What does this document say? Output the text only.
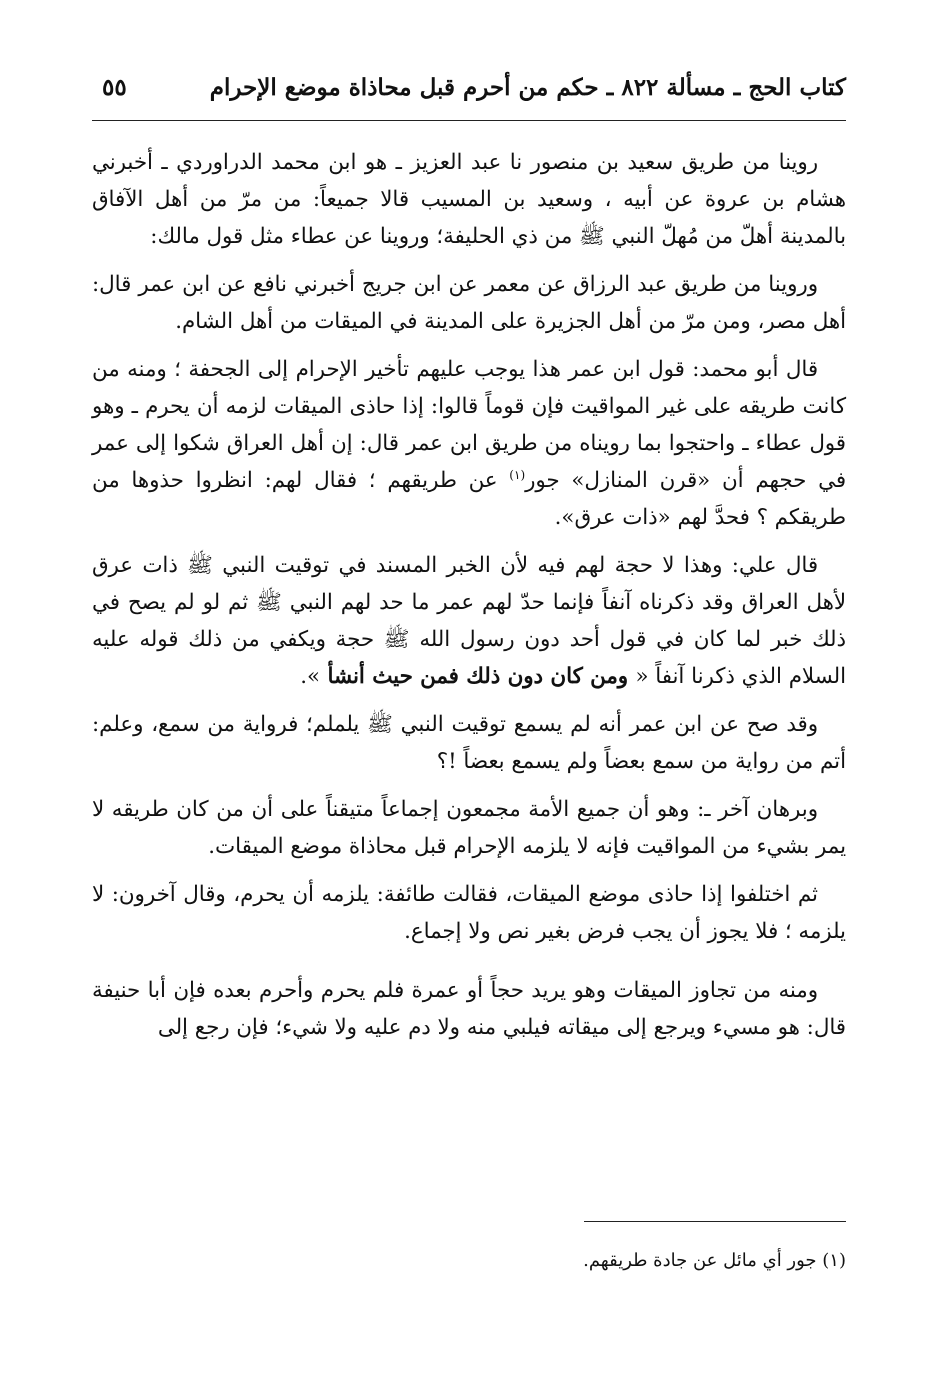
كتاب الحج ـ مسألة ٨٢٢ ـ حكم من أحرم قبل محاذاة موضع الإحرام
٥٥

روينا من طريق سعيد بن منصور نا عبد العزيز ـ هو ابن محمد الدراوردي ـ أخبرني هشام بن عروة عن أبيه ، وسعيد بن المسيب قالا جميعاً: من مرّ من أهل الآفاق بالمدينة أهلّ من مُهلّ النبي ﷺ من ذي الحليفة؛ وروينا عن عطاء مثل قول مالك:

وروينا من طريق عبد الرزاق عن معمر عن ابن جريج أخبرني نافع عن ابن عمر قال: أهل مصر، ومن مرّ من أهل الجزيرة على المدينة في الميقات من أهل الشام.

قال أبو محمد: قول ابن عمر هذا يوجب عليهم تأخير الإحرام إلى الجحفة ؛ ومنه من كانت طريقه على غير المواقيت فإن قوماً قالوا: إذا حاذى الميقات لزمه أن يحرم ـ وهو قول عطاء ـ واحتجوا بما رويناه من طريق ابن عمر قال: إن أهل العراق شكوا إلى عمر في حجهم أن «قرن المنازل» جور$^{(١)}$ عن طريقهم ؛ فقال لهم: انظروا حذوها من طريقكم ؟ فحدَّ لهم «ذات عرق».

قال علي: وهذا لا حجة لهم فيه لأن الخبر المسند في توقيت النبي ﷺ ذات عرق لأهل العراق وقد ذكرناه آنفاً فإنما حدّ لهم عمر ما حد لهم النبي ﷺ ثم لو لم يصح في ذلك خبر لما كان في قول أحد دون رسول الله ﷺ حجة ويكفي من ذلك قوله عليه السلام الذي ذكرنا آنفاً « ومن كان دون ذلك فمن حيث أنشأ ».

وقد صح عن ابن عمر أنه لم يسمع توقيت النبي ﷺ يلملم؛ فرواية من سمع، وعلم: أتم من رواية من سمع بعضاً ولم يسمع بعضاً !؟

وبرهان آخر ـ: وهو أن جميع الأمة مجمعون إجماعاً متيقناً على أن من كان طريقه لا يمر بشيء من المواقيت فإنه لا يلزمه الإحرام قبل محاذاة موضع الميقات.

ثم اختلفوا إذا حاذى موضع الميقات، فقالت طائفة: يلزمه أن يحرم، وقال آخرون: لا يلزمه ؛ فلا يجوز أن يجب فرض بغير نص ولا إجماع.

ومنه من تجاوز الميقات وهو يريد حجاً أو عمرة فلم يحرم وأحرم بعده فإن أبا حنيفة قال: هو مسيء ويرجع إلى ميقاته فيلبي منه ولا دم عليه ولا شيء؛ فإن رجع إلى

(١) جور أي مائل عن جادة طريقهم.
